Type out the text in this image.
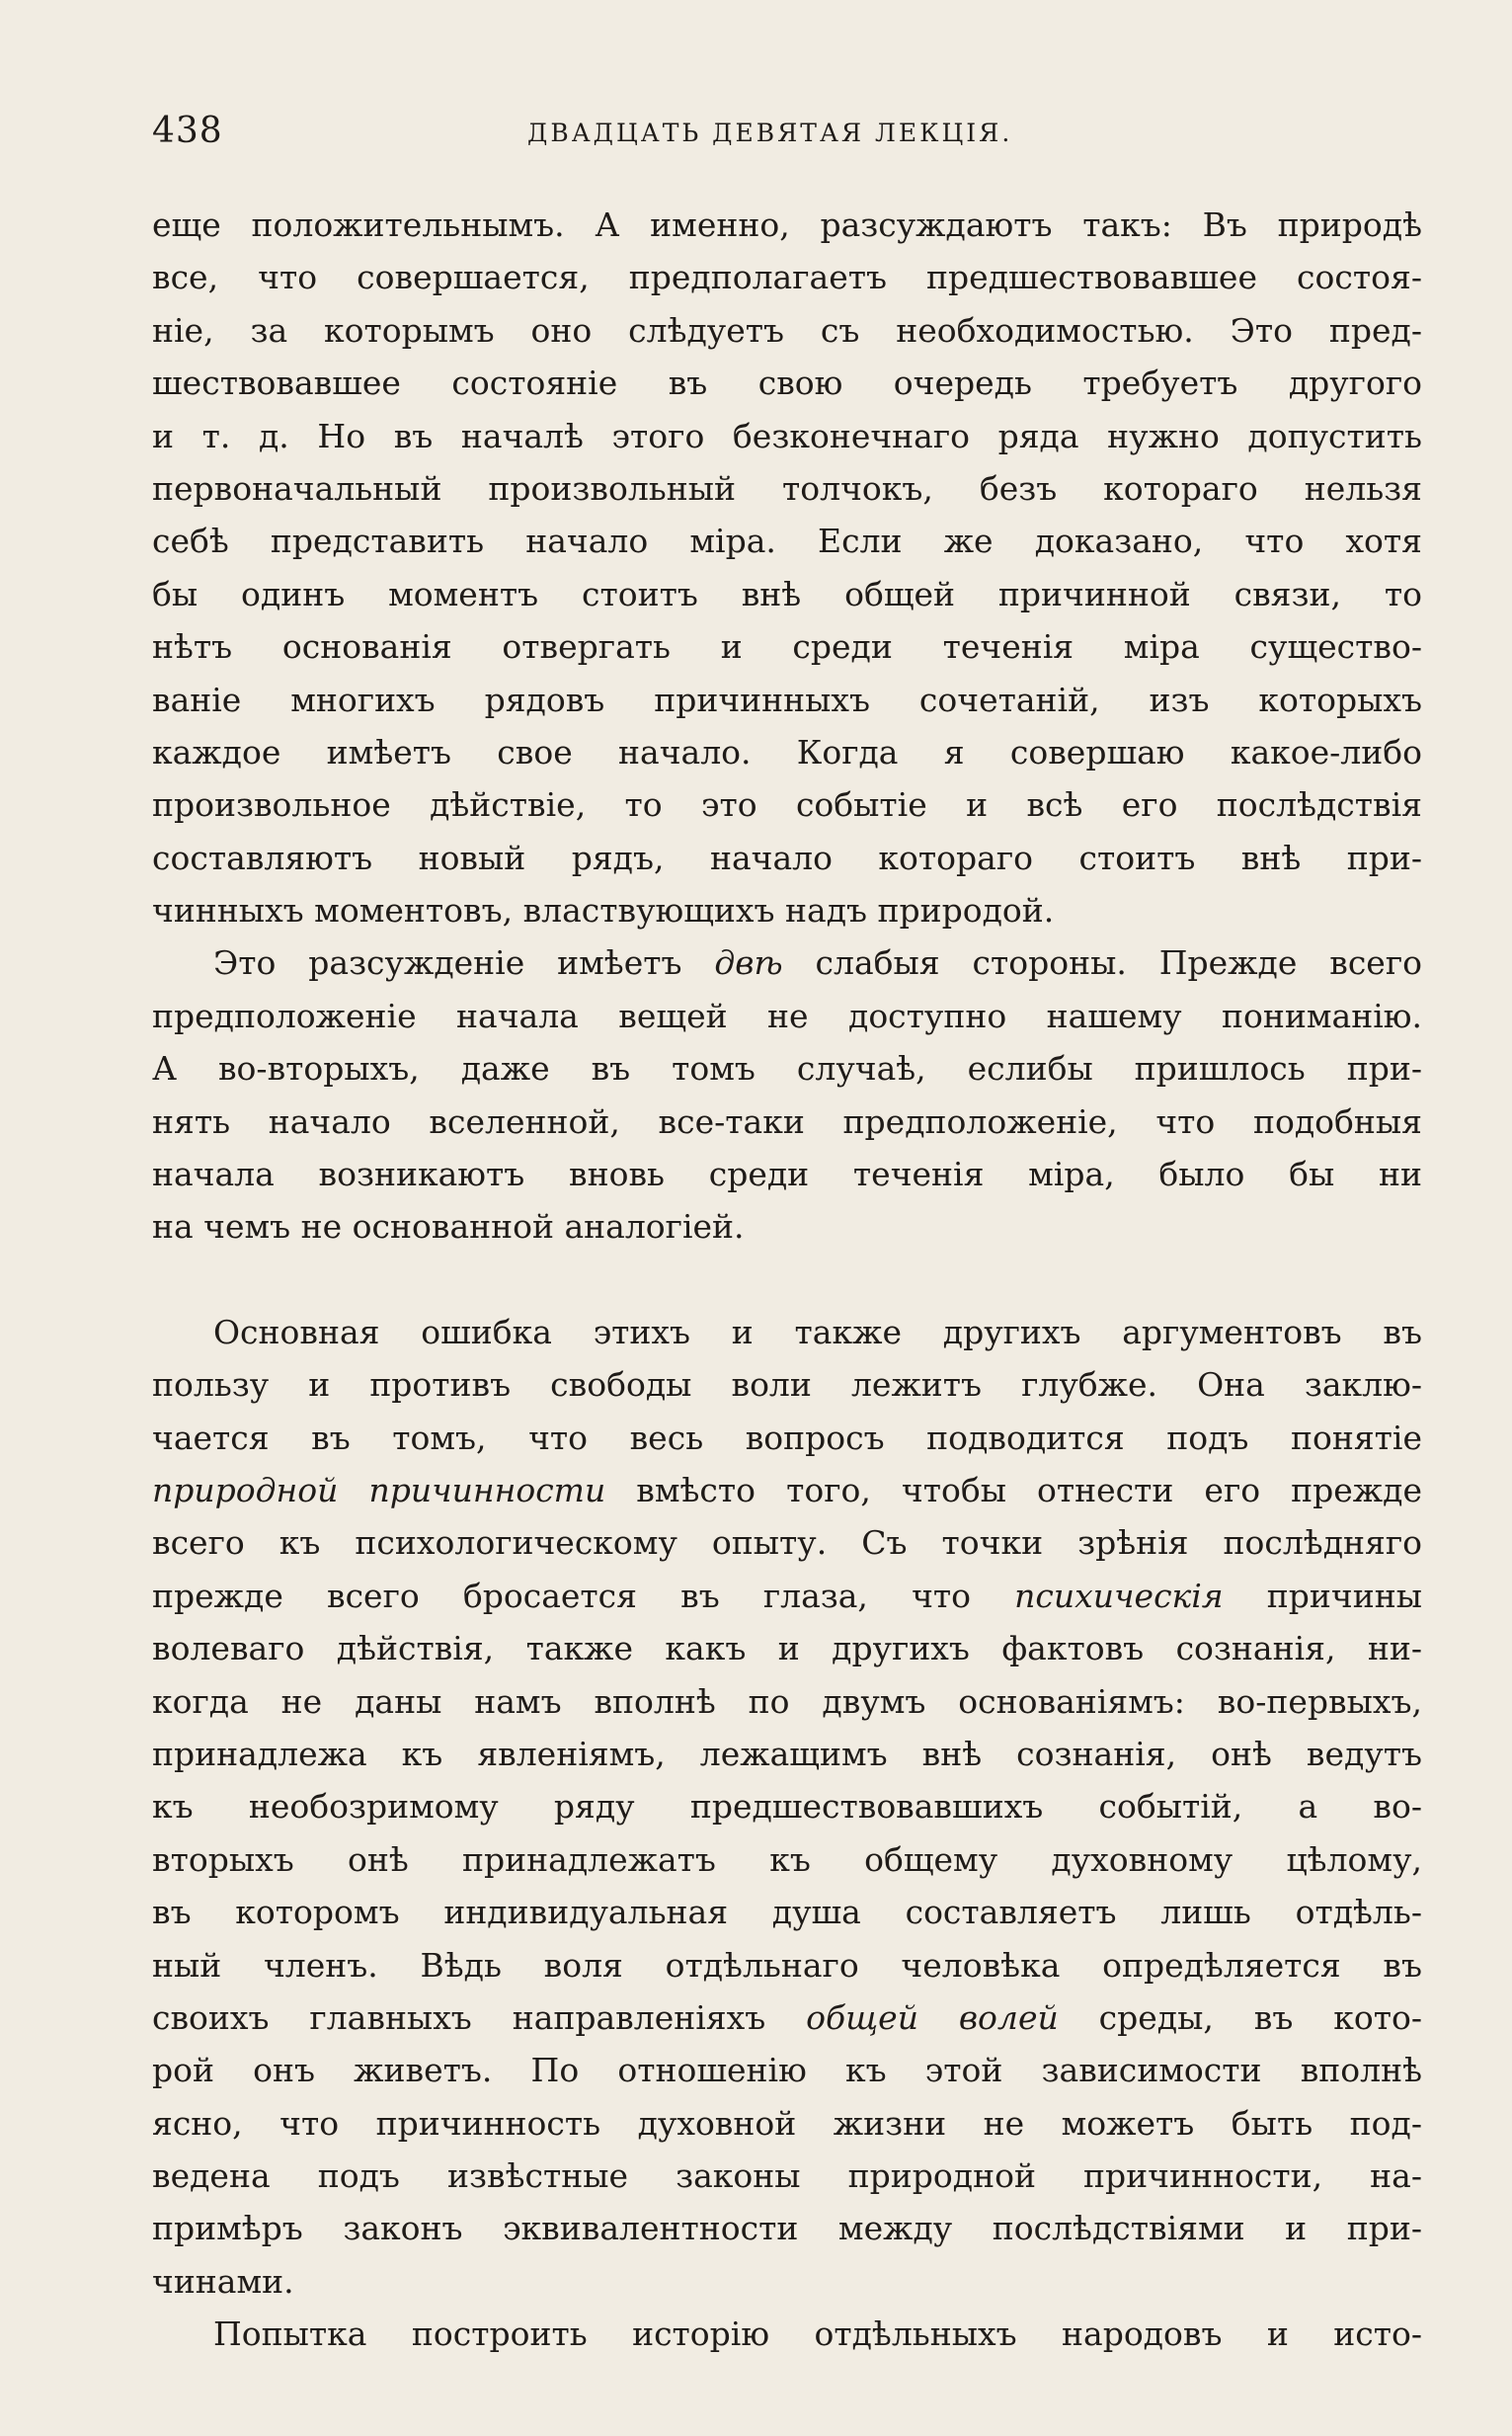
438	ДВАДЦАТЬ ДЕВЯТАЯ ЛЕКЦІЯ.
еще положительнымъ. А именно, разсуждаютъ такъ: Въ природѣ
все, что совершается, предполагаетъ предшествовавшее состоя-
ніе, за которымъ оно слѣдуетъ съ необходимостью. Это пред-
шествовавшее состояніе въ свою очередь требуетъ другого
и т. д. Но въ началѣ этого безконечнаго ряда нужно допустить
первоначальный произвольный толчокъ, безъ котораго нельзя
себѣ представить начало міра. Если же доказано, что хотя
бы одинъ моментъ стоитъ внѣ общей причинной связи, то
нѣтъ основанія отвергать и среди теченія міра существо-
ваніе многихъ рядовъ причинныхъ сочетаній, изъ которыхъ
каждое имѣетъ свое начало. Когда я совершаю какое-либо
произвольное дѣйствіе, то это событіе и всѣ его послѣдствія
составляютъ новый рядъ, начало котораго стоитъ внѣ при-
чинныхъ моментовъ, властвующихъ надъ природой.
Это разсужденіе имѣетъ двѣ слабыя стороны. Прежде всего
предположеніе начала вещей не доступно нашему пониманію.
А во-вторыхъ, даже въ томъ случаѣ, еслибы пришлось при-
нять начало вселенной, все-таки предположеніе, что подобныя
начала возникаютъ вновь среди теченія міра, было бы ни
на чемъ не основанной аналогіей.
Основная ошибка этихъ и также другихъ аргументовъ въ
пользу и противъ свободы воли лежитъ глубже. Она заклю-
чается въ томъ, что весь вопросъ подводится подъ понятіе
природной причинности вмѣсто того, чтобы отнести его прежде
всего къ психологическому опыту. Съ точки зрѣнія послѣдняго
прежде всего бросается въ глаза, что психическія причины
волеваго дѣйствія, также какъ и другихъ фактовъ сознанія, ни-
когда не даны намъ вполнѣ по двумъ основаніямъ: во-первыхъ,
принадлежа къ явленіямъ, лежащимъ внѣ сознанія, онѣ ведутъ
къ необозримому ряду предшествовавшихъ событій, а во-
вторыхъ онѣ принадлежатъ къ общему духовному цѣлому,
въ которомъ индивидуальная душа составляетъ лишь отдѣль-
ный членъ. Вѣдь воля отдѣльнаго человѣка опредѣляется въ
своихъ главныхъ направленіяхъ общей волей среды, въ кото-
рой онъ живетъ. По отношенію къ этой зависимости вполнѣ
ясно, что причинность духовной жизни не можетъ быть под-
ведена подъ извѣстные законы природной причинности, на-
примѣръ законъ эквивалентности между послѣдствіями и при-
чинами.
Попытка построить исторію отдѣльныхъ народовъ и исто-
